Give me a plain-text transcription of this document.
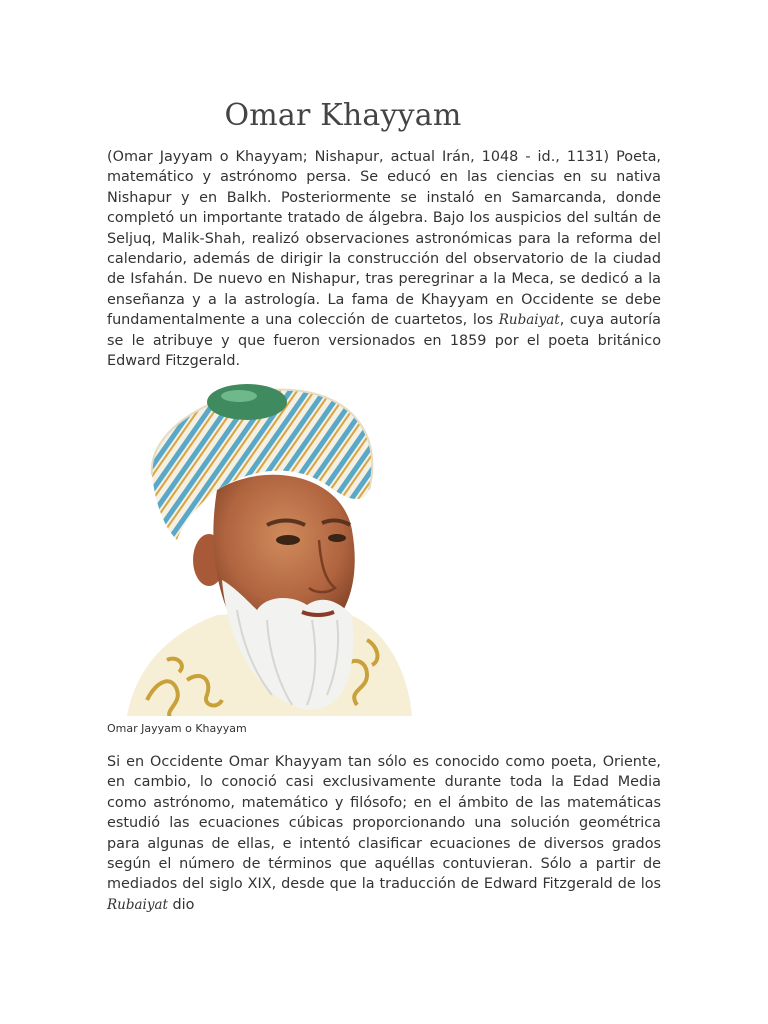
Omar Khayyam

(Omar Jayyam o Khayyam; Nishapur, actual Irán, 1048 - id., 1131) Poeta, matemático y astrónomo persa. Se educó en las ciencias en su nativa Nishapur y en Balkh. Posteriormente se instaló en Samarcanda, donde completó un importante tratado de álgebra. Bajo los auspicios del sultán de Seljuq, Malik-Shah, realizó observaciones astronómicas para la reforma del calendario, además de dirigir la construcción del observatorio de la ciudad de Isfahán. De nuevo en Nishapur, tras peregrinar a la Meca, se dedicó a la enseñanza y a la astrología. La fama de Khayyam en Occidente se debe fundamentalmente a una colección de cuartetos, los Rubaiyat, cuya autoría se le atribuye y que fueron versionados en 1859 por el poeta británico Edward Fitzgerald.

Omar Jayyam o Khayyam

Si en Occidente Omar Khayyam tan sólo es conocido como poeta, Oriente, en cambio, lo conoció casi exclusivamente durante toda la Edad Media como astrónomo, matemático y filósofo; en el ámbito de las matemáticas estudió las ecuaciones cúbicas proporcionando una solución geométrica para algunas de ellas, e intentó clasificar ecuaciones de diversos grados según el número de términos que aquéllas contuvieran. Sólo a partir de mediados del siglo XIX, desde que la traducción de Edward Fitzgerald de los Rubaiyat dio
